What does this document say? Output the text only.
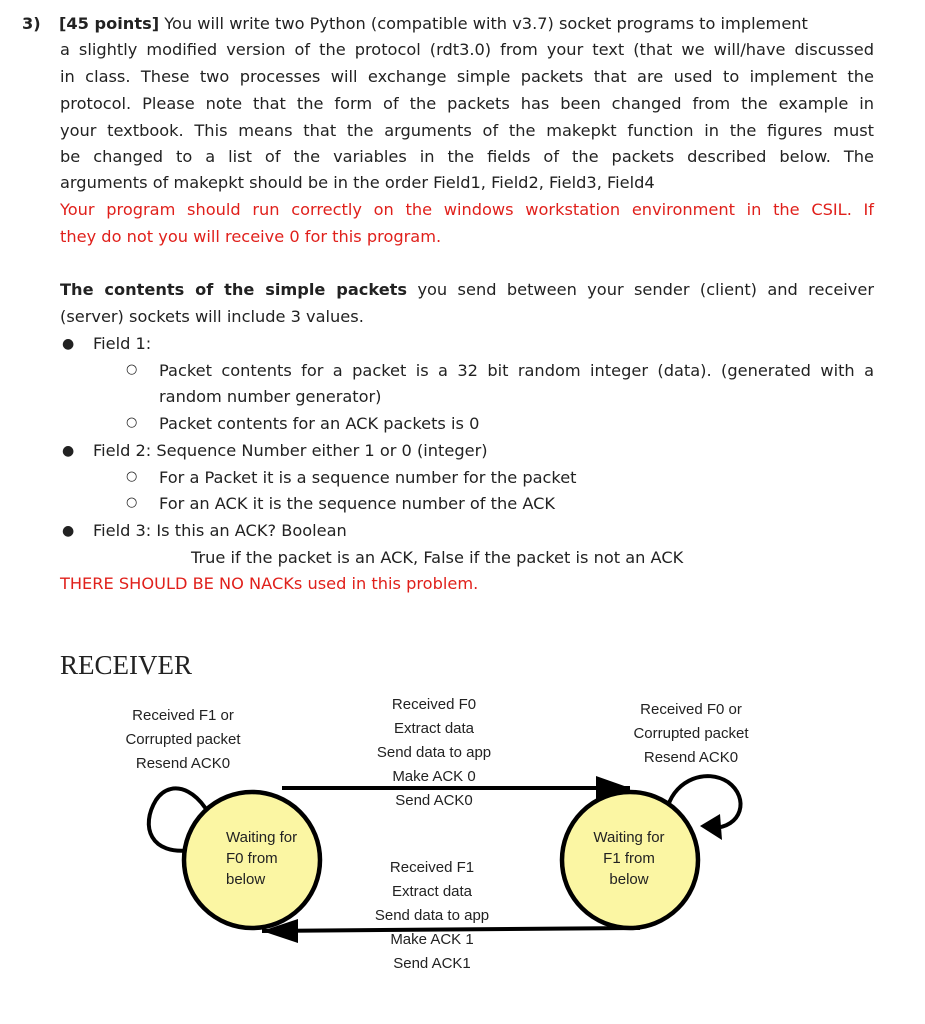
3) [45 points] You will write two Python (compatible with v3.7) socket programs to implement
a slightly modified version of the protocol (rdt3.0) from your text (that we will/have discussed
in class. These two processes will exchange simple packets that are used to implement the
protocol. Please note that the form of the packets has been changed from the example in
your textbook. This means that the arguments of the makepkt function in the figures must
be changed to a list of the variables in the fields of the packets described below. The
arguments of makepkt should be in the order Field1, Field2, Field3, Field4
Your program should run correctly on the windows workstation environment in the CSIL. If
they do not you will receive 0 for this program.
The contents of the simple packets you send between your sender (client) and receiver
(server) sockets will include 3 values.
● Field 1:
○ Packet contents for a packet is a 32 bit random integer (data). (generated with a
random number generator)
○ Packet contents for an ACK packets is 0
● Field 2: Sequence Number either 1 or 0 (integer)
○ For a Packet it is a sequence number for the packet
○ For an ACK it is the sequence number of the ACK
● Field 3: Is this an ACK? Boolean
True if the packet is an ACK, False if the packet is not an ACK
THERE SHOULD BE NO NACKs used in this problem.
RECEIVER
Waiting for
F0 from
below
Waiting for
F1 from
below
Received F1 or
Corrupted packet
Resend ACK0
Received F0
Extract data
Send data to app
Make ACK 0
Send ACK0
Received F0 or
Corrupted packet
Resend ACK0
Received F1
Extract data
Send data to app
Make ACK 1
Send ACK1
